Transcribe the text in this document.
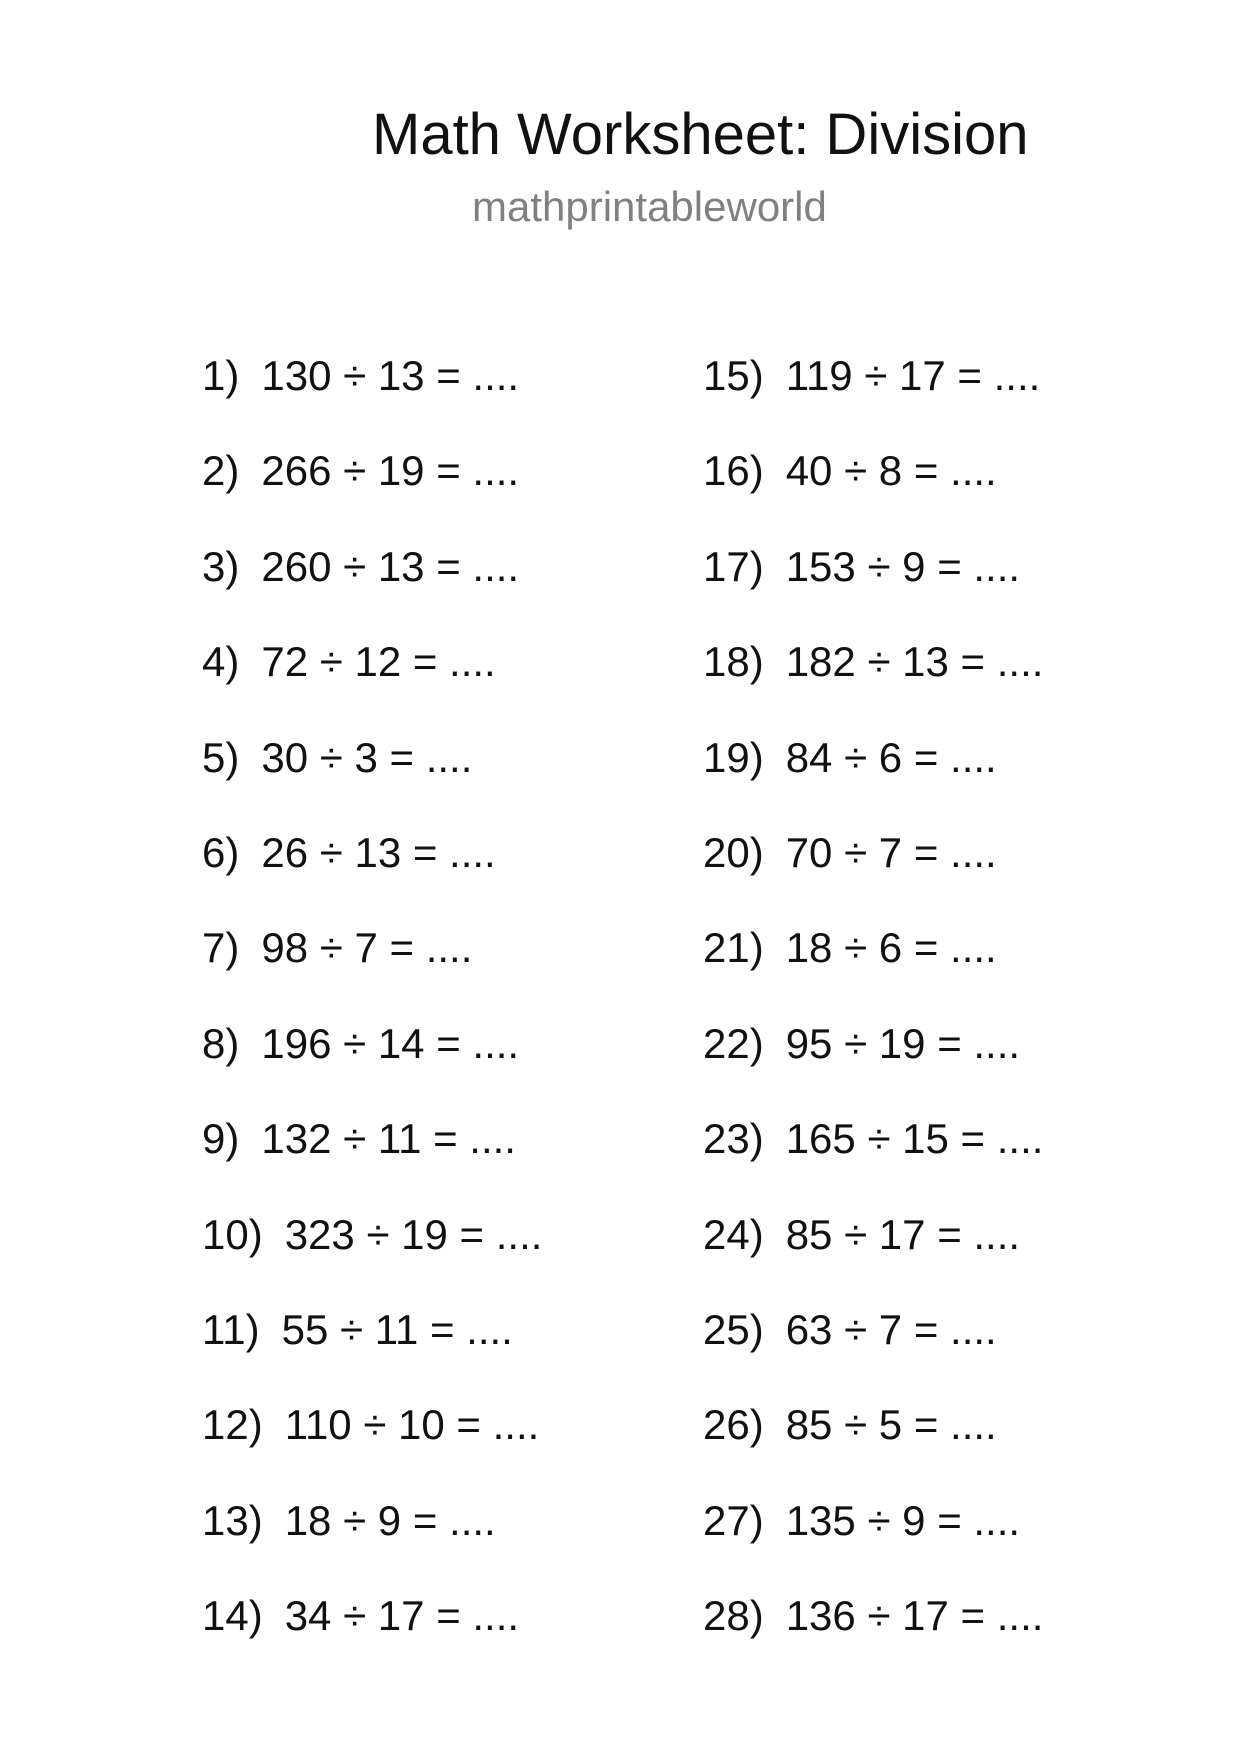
Math Worksheet: Division
mathprintableworld
1) 130 ÷ 13 = ....
2) 266 ÷ 19 = ....
3) 260 ÷ 13 = ....
4) 72 ÷ 12 = ....
5) 30 ÷ 3 = ....
6) 26 ÷ 13 = ....
7) 98 ÷ 7 = ....
8) 196 ÷ 14 = ....
9) 132 ÷ 11 = ....
10) 323 ÷ 19 = ....
11) 55 ÷ 11 = ....
12) 110 ÷ 10 = ....
13) 18 ÷ 9 = ....
14) 34 ÷ 17 = ....
15) 119 ÷ 17 = ....
16) 40 ÷ 8 = ....
17) 153 ÷ 9 = ....
18) 182 ÷ 13 = ....
19) 84 ÷ 6 = ....
20) 70 ÷ 7 = ....
21) 18 ÷ 6 = ....
22) 95 ÷ 19 = ....
23) 165 ÷ 15 = ....
24) 85 ÷ 17 = ....
25) 63 ÷ 7 = ....
26) 85 ÷ 5 = ....
27) 135 ÷ 9 = ....
28) 136 ÷ 17 = ....
